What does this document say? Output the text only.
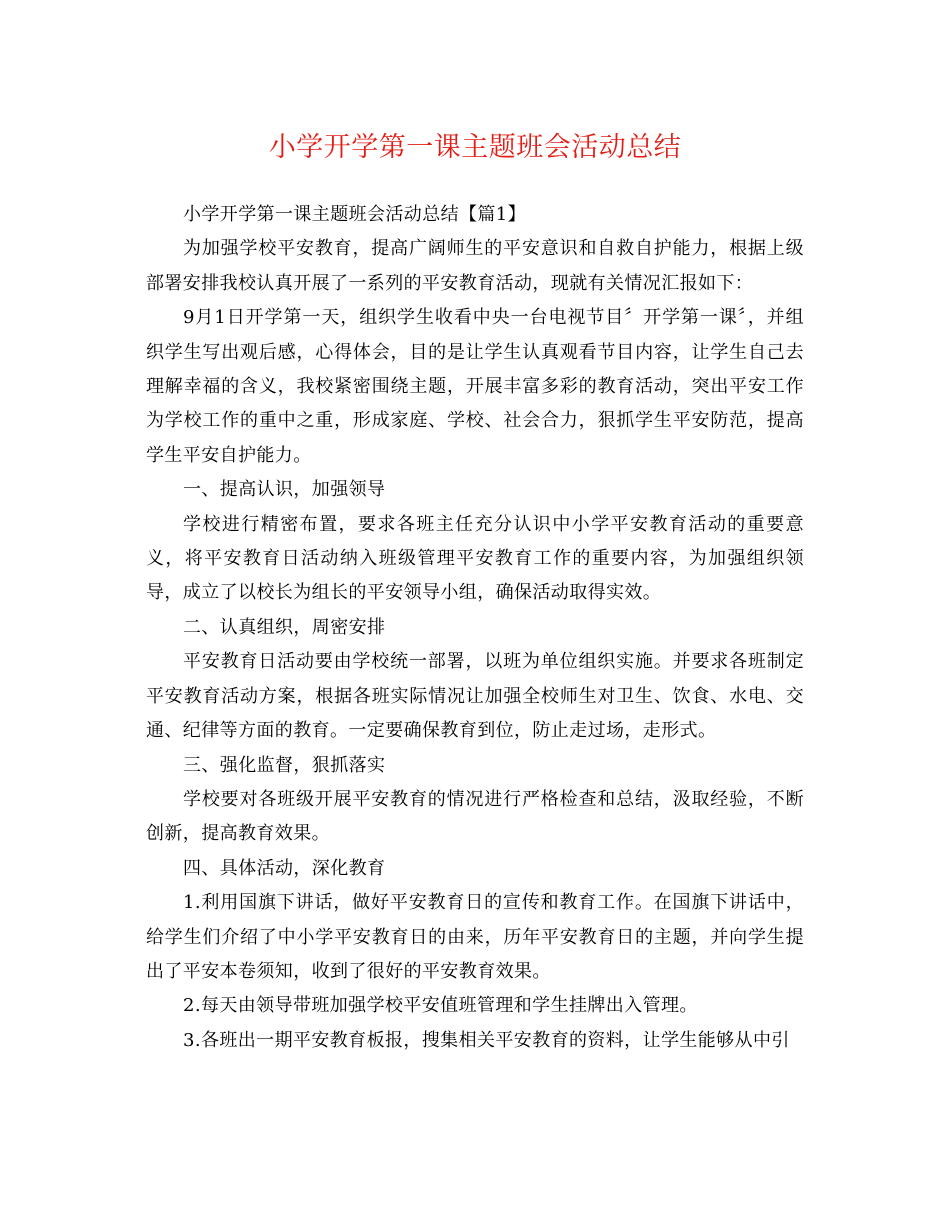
小学开学第一课主题班会活动总结

小学开学第一课主题班会活动总结【篇1】

为加强学校平安教育，提高广阔师生的平安意识和自救自护能力，根据上级部署安排我校认真开展了一系列的平安教育活动，现就有关情况汇报如下：

9月1日开学第一天，组织学生收看中央一台电视节目〞开学第一课〞，并组织学生写出观后感，心得体会，目的是让学生认真观看节目内容，让学生自己去理解幸福的含义，我校紧密围绕主题，开展丰富多彩的教育活动，突出平安工作为学校工作的重中之重，形成家庭、学校、社会合力，狠抓学生平安防范，提高学生平安自护能力。

一、提高认识，加强领导

学校进行精密布置，要求各班主任充分认识中小学平安教育活动的重要意义，将平安教育日活动纳入班级管理平安教育工作的重要内容，为加强组织领导，成立了以校长为组长的平安领导小组，确保活动取得实效。

二、认真组织，周密安排

平安教育日活动要由学校统一部署，以班为单位组织实施。并要求各班制定平安教育活动方案，根据各班实际情况让加强全校师生对卫生、饮食、水电、交通、纪律等方面的教育。一定要确保教育到位，防止走过场，走形式。

三、强化监督，狠抓落实

学校要对各班级开展平安教育的情况进行严格检查和总结，汲取经验，不断创新，提高教育效果。

四、具体活动，深化教育

1.利用国旗下讲话，做好平安教育日的宣传和教育工作。在国旗下讲话中，给学生们介绍了中小学平安教育日的由来，历年平安教育日的主题，并向学生提出了平安本卷须知，收到了很好的平安教育效果。

2.每天由领导带班加强学校平安值班管理和学生挂牌出入管理。

3.各班出一期平安教育板报，搜集相关平安教育的资料，让学生能够从中引
